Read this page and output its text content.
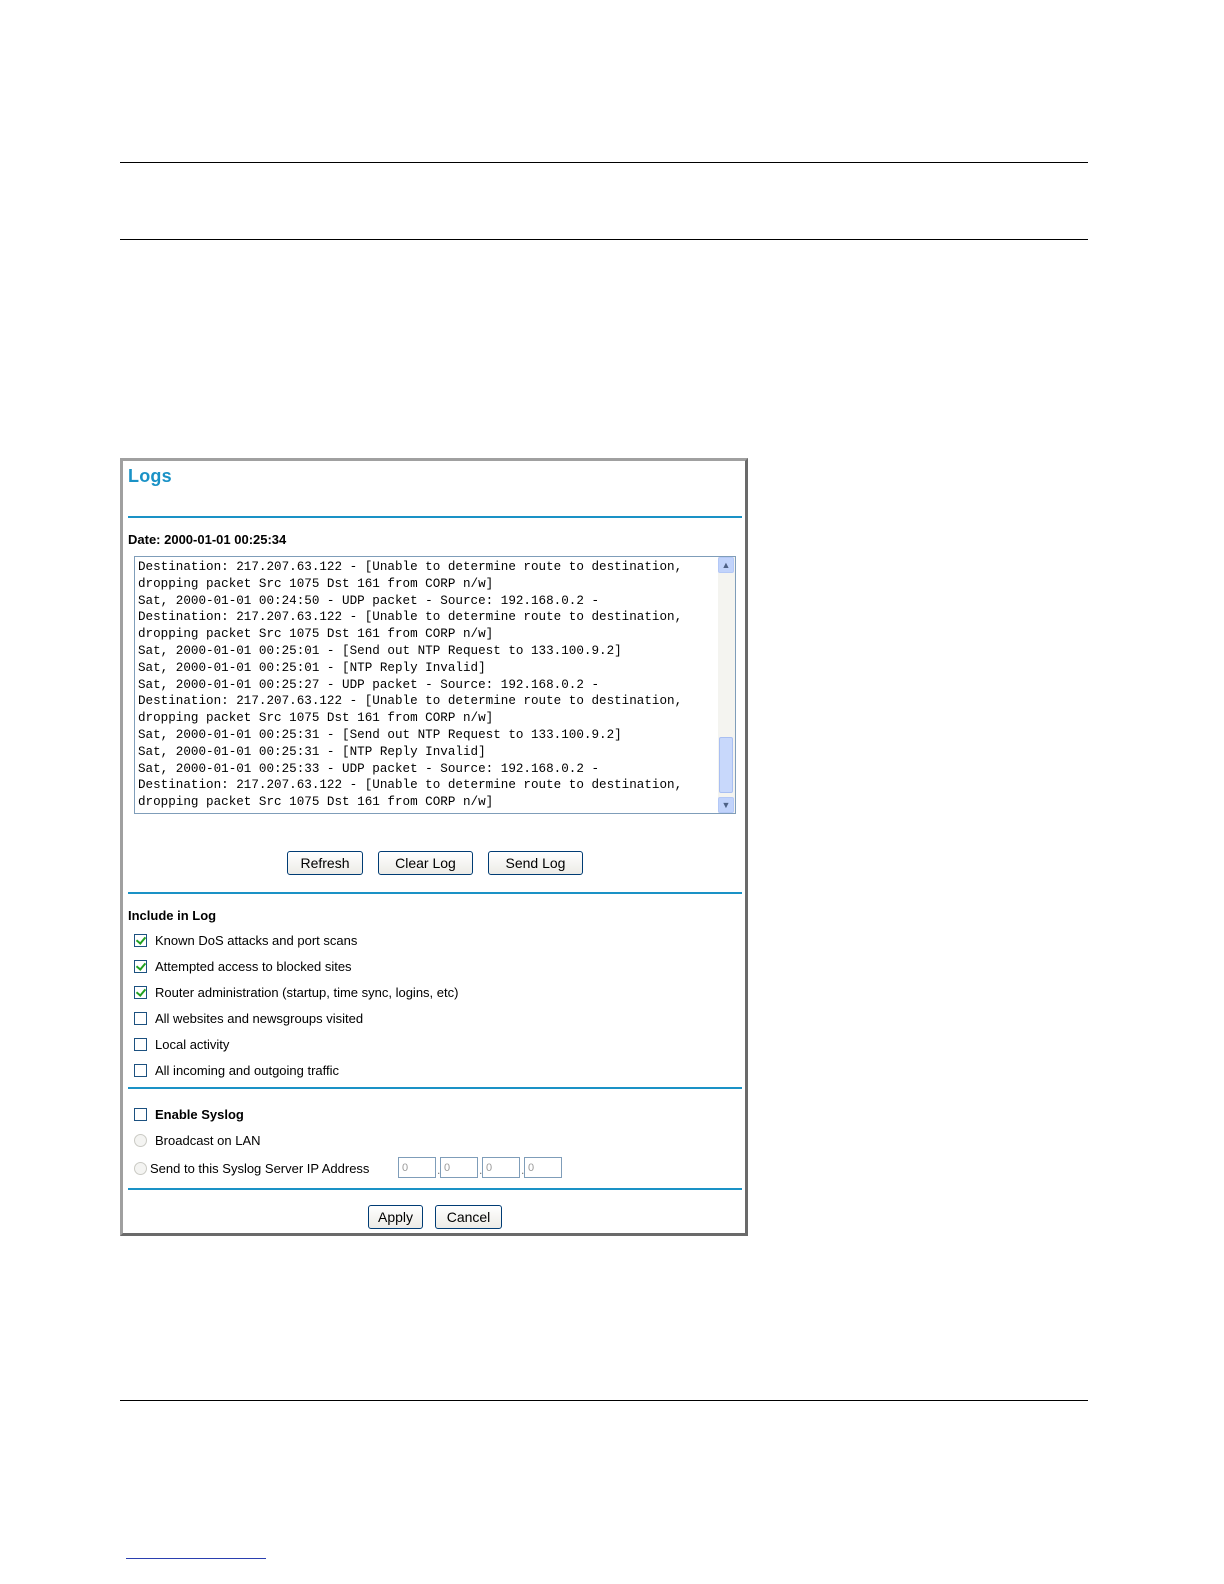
Logs
Date: 2000-01-01 00:25:34
Destination: 217.207.63.122 - [Unable to determine route to destination,
dropping packet Src 1075 Dst 161 from CORP n/w]
Sat, 2000-01-01 00:24:50 - UDP packet - Source: 192.168.0.2 -
Destination: 217.207.63.122 - [Unable to determine route to destination,
dropping packet Src 1075 Dst 161 from CORP n/w]
Sat, 2000-01-01 00:25:01 - [Send out NTP Request to 133.100.9.2]
Sat, 2000-01-01 00:25:01 - [NTP Reply Invalid]
Sat, 2000-01-01 00:25:27 - UDP packet - Source: 192.168.0.2 -
Destination: 217.207.63.122 - [Unable to determine route to destination,
dropping packet Src 1075 Dst 161 from CORP n/w]
Sat, 2000-01-01 00:25:31 - [Send out NTP Request to 133.100.9.2]
Sat, 2000-01-01 00:25:31 - [NTP Reply Invalid]
Sat, 2000-01-01 00:25:33 - UDP packet - Source: 192.168.0.2 -
Destination: 217.207.63.122 - [Unable to determine route to destination,
dropping packet Src 1075 Dst 161 from CORP n/w]
▲
▼
Refresh	Clear Log	Send Log
Include in Log
Known DoS attacks and port scans
Attempted access to blocked sites
Router administration (startup, time sync, logins, etc)
All websites and newsgroups visited
Local activity
All incoming and outgoing traffic
Enable Syslog
Broadcast on LAN
Send to this Syslog Server IP Address
0	.
0	.
0	.
0
Apply	Cancel
